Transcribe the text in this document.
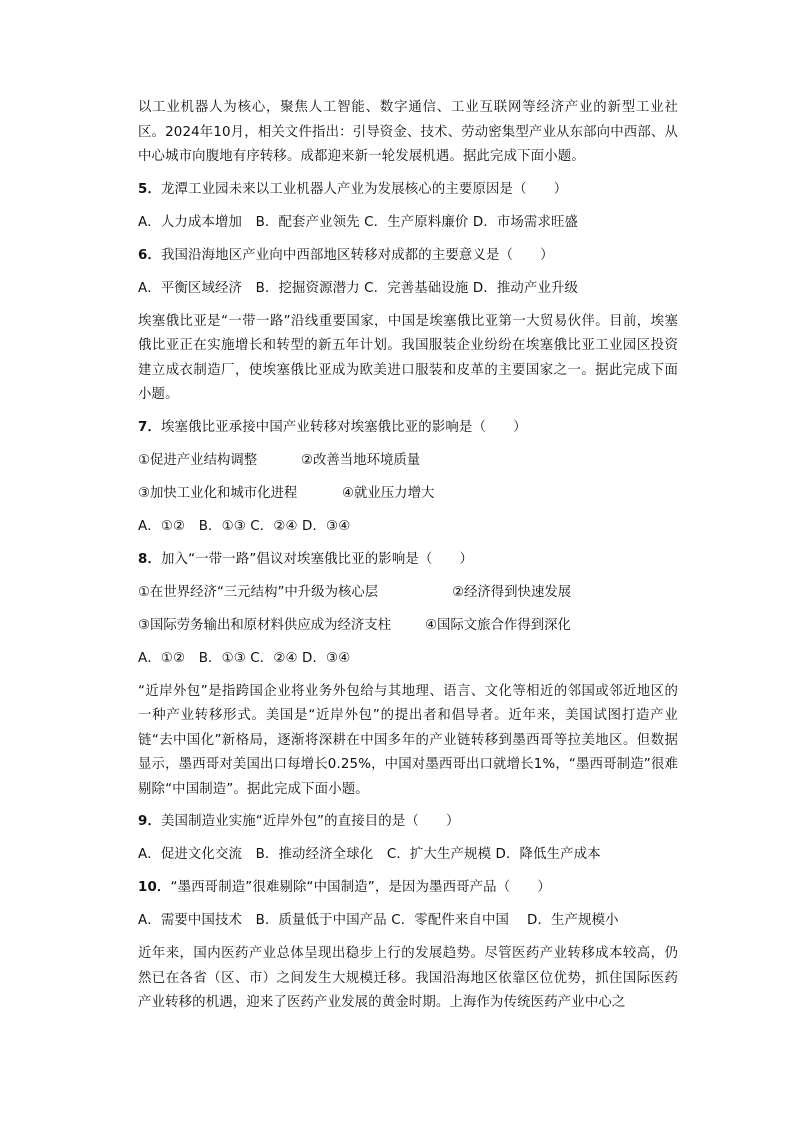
以工业机器人为核心，聚焦人工智能、数字通信、工业互联网等经济产业的新型工业社区。2024年10月，相关文件指出：引导资金、技术、劳动密集型产业从东部向中西部、从中心城市向腹地有序转移。成都迎来新一轮发展机遇。据此完成下面小题。

5．龙潭工业园未来以工业机器人产业为发展核心的主要原因是（　　）
A．人力成本增加　B．配套产业领先 C．生产原料廉价 D．市场需求旺盛
6．我国沿海地区产业向中西部地区转移对成都的主要意义是（　　）
A．平衡区域经济　B．挖掘资源潜力 C．完善基础设施 D．推动产业升级

埃塞俄比亚是“一带一路”沿线重要国家，中国是埃塞俄比亚第一大贸易伙伴。目前，埃塞俄比亚正在实施增长和转型的新五年计划。我国服装企业纷纷在埃塞俄比亚工业园区投资建立成衣制造厂，使埃塞俄比亚成为欧美进口服装和皮革的主要国家之一。据此完成下面小题。

7．埃塞俄比亚承接中国产业转移对埃塞俄比亚的影响是（　　）
①促进产业结构调整	②改善当地环境质量
③加快工业化和城市化进程	④就业压力增大
A．①②　B．①③ C．②④ D．③④
8．加入“一带一路”倡议对埃塞俄比亚的影响是（　　）
①在世界经济“三元结构”中升级为核心层	②经济得到快速发展
③国际劳务输出和原材料供应成为经济支柱	④国际文旅合作得到深化
A．①②　B．①③ C．②④ D．③④

“近岸外包”是指跨国企业将业务外包给与其地理、语言、文化等相近的邻国或邻近地区的一种产业转移形式。美国是“近岸外包”的提出者和倡导者。近年来，美国试图打造产业链“去中国化”新格局，逐渐将深耕在中国多年的产业链转移到墨西哥等拉美地区。但数据显示，墨西哥对美国出口每增长0.25%，中国对墨西哥出口就增长1%，“墨西哥制造”很难剔除“中国制造”。据此完成下面小题。

9．美国制造业实施“近岸外包”的直接目的是（　　）
A．促进文化交流　B．推动经济全球化　C．扩大生产规模 D．降低生产成本
10．“墨西哥制造”很难剔除“中国制造”，是因为墨西哥产品（　　）
A．需要中国技术　B．质量低于中国产品 C．零配件来自中国　 D．生产规模小

近年来，国内医药产业总体呈现出稳步上行的发展趋势。尽管医药产业转移成本较高，仍然已在各省（区、市）之间发生大规模迁移。我国沿海地区依靠区位优势，抓住国际医药产业转移的机遇，迎来了医药产业发展的黄金时期。上海作为传统医药产业中心之
